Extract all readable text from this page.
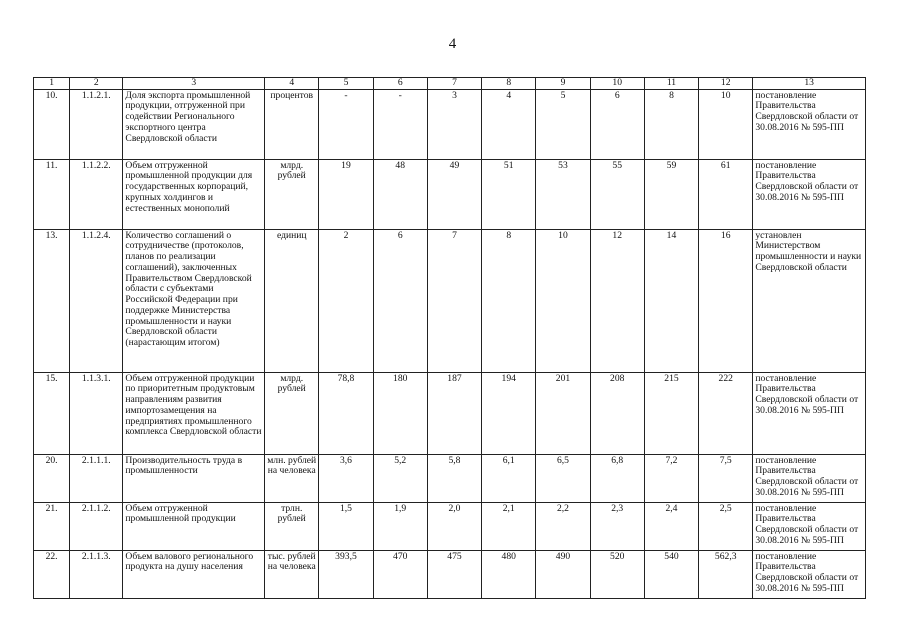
4
1	2	3	4	5	6	7	8	9	10	11	12	13
10.	1.1.2.1.	Доля экспорта промышленной продукции, отгруженной при содействии Регионального экспортного центра Свердловской области	процентов	-	-	3	4	5	6	8	10	постановление Правительства Свердловской области от 30.08.2016 № 595-ПП
11.	1.1.2.2.	Объем отгруженной промышленной продукции для государственных корпораций, крупных холдингов и естественных монополий	млрд. рублей	19	48	49	51	53	55	59	61	постановление Правительства Свердловской области от 30.08.2016 № 595-ПП
13.	1.1.2.4.	Количество соглашений о сотрудничестве (протоколов, планов по реализации соглашений), заключенных Правительством Свердловской области с субъектами Российской Федерации при поддержке Министерства промышленности и науки Свердловской области (нарастающим итогом)	единиц	2	6	7	8	10	12	14	16	установлен Министерством промышленности и науки Свердловской области
15.	1.1.3.1.	Объем отгруженной продукции по приоритетным продуктовым направлениям развития импортозамещения на предприятиях промышленного комплекса Свердловской области	млрд. рублей	78,8	180	187	194	201	208	215	222	постановление Правительства Свердловской области от 30.08.2016 № 595-ПП
20.	2.1.1.1.	Производительность труда в промышленности	млн. рублей на человека	3,6	5,2	5,8	6,1	6,5	6,8	7,2	7,5	постановление Правительства Свердловской области от 30.08.2016 № 595-ПП
21.	2.1.1.2.	Объем отгруженной промышленной продукции	трлн. рублей	1,5	1,9	2,0	2,1	2,2	2,3	2,4	2,5	постановление Правительства Свердловской области от 30.08.2016 № 595-ПП
22.	2.1.1.3.	Объем валового регионального продукта на душу населения	тыс. рублей на человека	393,5	470	475	480	490	520	540	562,3	постановление Правительства Свердловской области от 30.08.2016 № 595-ПП
